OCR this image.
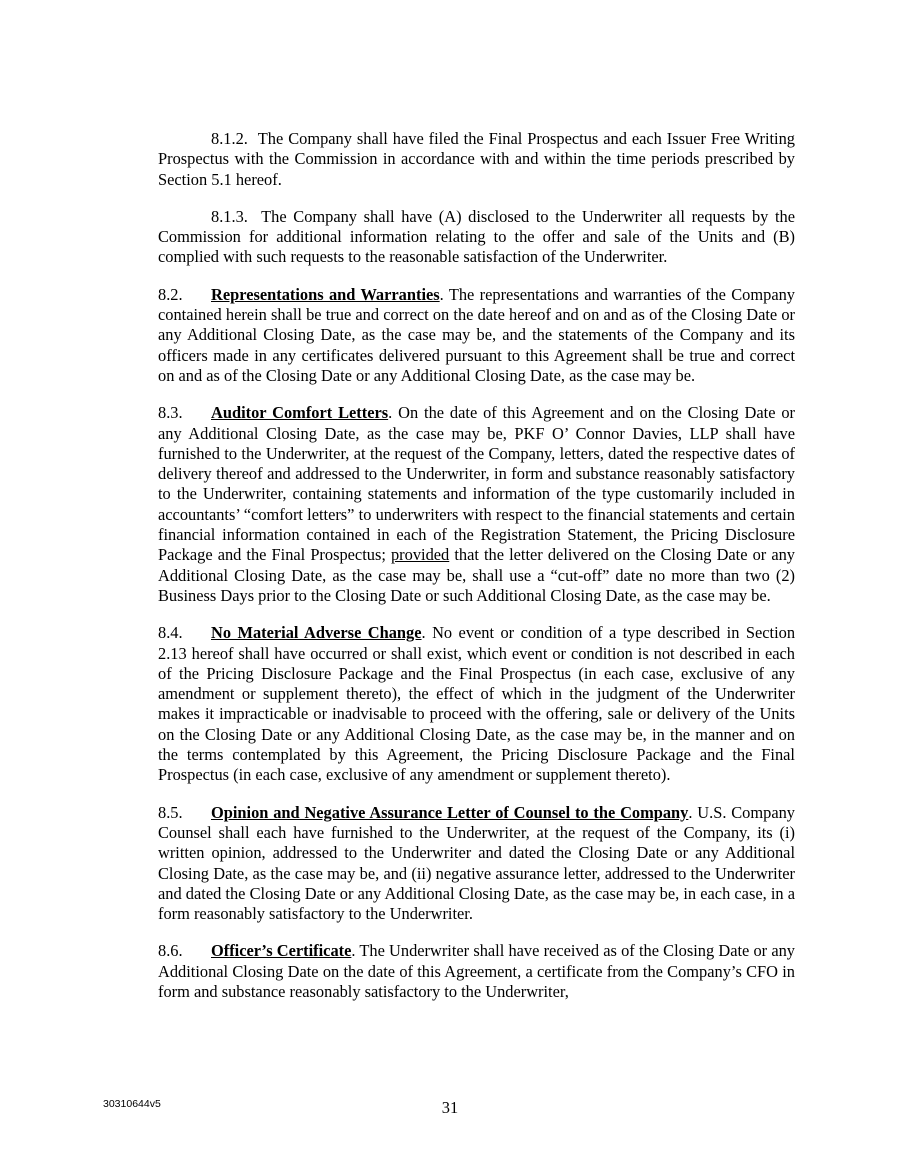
8.1.2.  The Company shall have filed the Final Prospectus and each Issuer Free Writing Prospectus with the Commission in accordance with and within the time periods prescribed by Section 5.1 hereof.

8.1.3.  The Company shall have (A) disclosed to the Underwriter all requests by the Commission for additional information relating to the offer and sale of the Units and (B) complied with such requests to the reasonable satisfaction of the Underwriter.

8.2. Representations and Warranties. The representations and warranties of the Company contained herein shall be true and correct on the date hereof and on and as of the Closing Date or any Additional Closing Date, as the case may be, and the statements of the Company and its officers made in any certificates delivered pursuant to this Agreement shall be true and correct on and as of the Closing Date or any Additional Closing Date, as the case may be.

8.3. Auditor Comfort Letters. On the date of this Agreement and on the Closing Date or any Additional Closing Date, as the case may be, PKF O’ Connor Davies, LLP shall have furnished to the Underwriter, at the request of the Company, letters, dated the respective dates of delivery thereof and addressed to the Underwriter, in form and substance reasonably satisfactory to the Underwriter, containing statements and information of the type customarily included in accountants’ “comfort letters” to underwriters with respect to the financial statements and certain financial information contained in each of the Registration Statement, the Pricing Disclosure Package and the Final Prospectus; provided that the letter delivered on the Closing Date or any Additional Closing Date, as the case may be, shall use a “cut-off” date no more than two (2) Business Days prior to the Closing Date or such Additional Closing Date, as the case may be.

8.4. No Material Adverse Change. No event or condition of a type described in Section 2.13 hereof shall have occurred or shall exist, which event or condition is not described in each of the Pricing Disclosure Package and the Final Prospectus (in each case, exclusive of any amendment or supplement thereto), the effect of which in the judgment of the Underwriter makes it impracticable or inadvisable to proceed with the offering, sale or delivery of the Units on the Closing Date or any Additional Closing Date, as the case may be, in the manner and on the terms contemplated by this Agreement, the Pricing Disclosure Package and the Final Prospectus (in each case, exclusive of any amendment or supplement thereto).

8.5. Opinion and Negative Assurance Letter of Counsel to the Company. U.S. Company Counsel shall each have furnished to the Underwriter, at the request of the Company, its (i) written opinion, addressed to the Underwriter and dated the Closing Date or any Additional Closing Date, as the case may be, and (ii) negative assurance letter, addressed to the Underwriter and dated the Closing Date or any Additional Closing Date, as the case may be, in each case, in a form reasonably satisfactory to the Underwriter.

8.6. Officer’s Certificate. The Underwriter shall have received as of the Closing Date or any Additional Closing Date on the date of this Agreement, a certificate from the Company’s CFO in form and substance reasonably satisfactory to the Underwriter,

30310644v5	31
